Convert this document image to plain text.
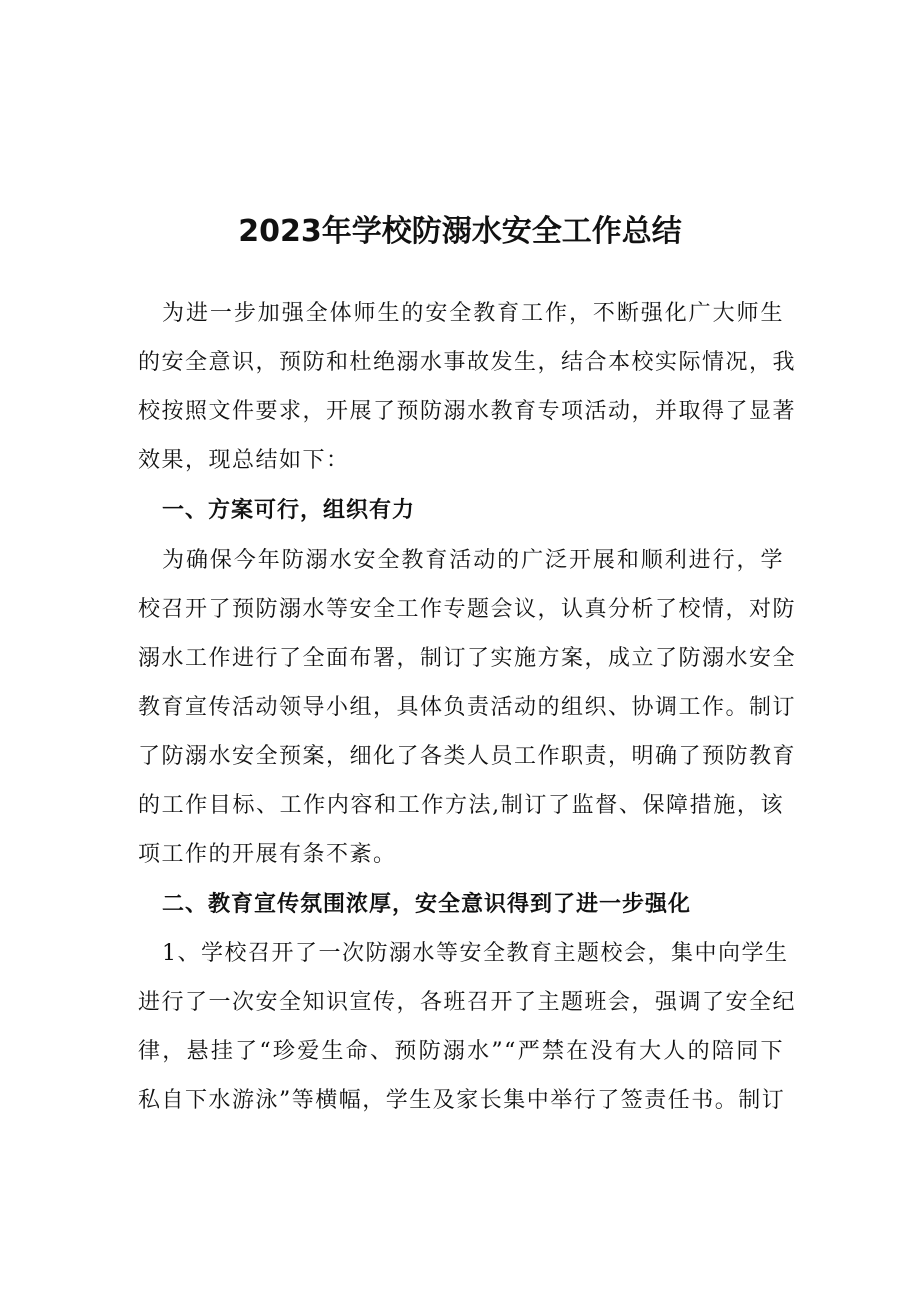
2023年学校防溺水安全工作总结

为进一步加强全体师生的安全教育工作，不断强化广大师生

的安全意识，预防和杜绝溺水事故发生，结合本校实际情况，我

校按照文件要求，开展了预防溺水教育专项活动，并取得了显著

效果，现总结如下：

一、方案可行，组织有力

为确保今年防溺水安全教育活动的广泛开展和顺利进行，学

校召开了预防溺水等安全工作专题会议，认真分析了校情，对防

溺水工作进行了全面布署，制订了实施方案，成立了防溺水安全

教育宣传活动领导小组，具体负责活动的组织、协调工作。制订

了防溺水安全预案，细化了各类人员工作职责，明确了预防教育

的工作目标、工作内容和工作方法,制订了监督、保障措施，该

项工作的开展有条不紊。

二、教育宣传氛围浓厚，安全意识得到了进一步强化

1、学校召开了一次防溺水等安全教育主题校会，集中向学生

进行了一次安全知识宣传，各班召开了主题班会，强调了安全纪

律，悬挂了“珍爱生命、预防溺水”“严禁在没有大人的陪同下

私自下水游泳”等横幅，学生及家长集中举行了签责任书。制订
